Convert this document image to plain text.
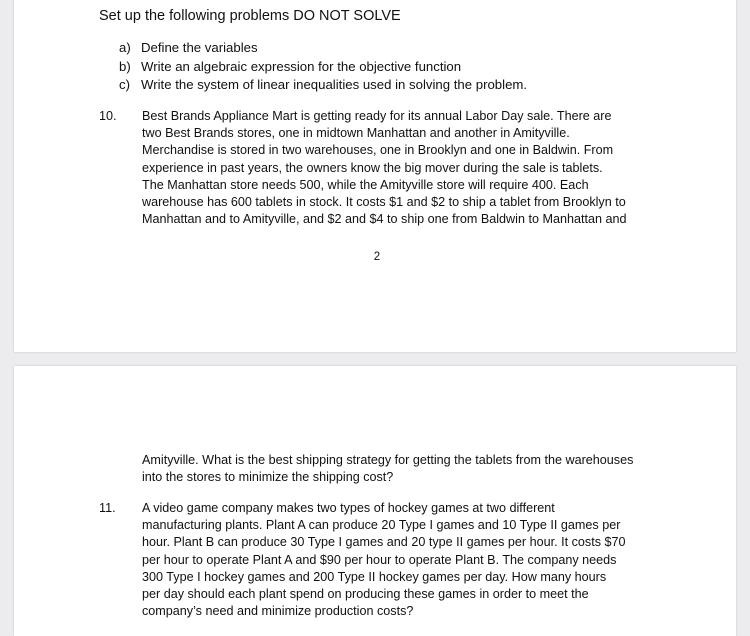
Set up the following problems DO NOT SOLVE
a) Define the variables
b) Write an algebraic expression for the objective function
c) Write the system of linear inequalities used in solving the problem.
10. Best Brands Appliance Mart is getting ready for its annual Labor Day sale. There are
two Best Brands stores, one in midtown Manhattan and another in Amityville.
Merchandise is stored in two warehouses, one in Brooklyn and one in Baldwin. From
experience in past years, the owners know the big mover during the sale is tablets.
The Manhattan store needs 500, while the Amityville store will require 400. Each
warehouse has 600 tablets in stock. It costs $1 and $2 to ship a tablet from Brooklyn to
Manhattan and to Amityville, and $2 and $4 to ship one from Baldwin to Manhattan and
2
Amityville. What is the best shipping strategy for getting the tablets from the warehouses
into the stores to minimize the shipping cost?
11. A video game company makes two types of hockey games at two different
manufacturing plants. Plant A can produce 20 Type I games and 10 Type II games per
hour. Plant B can produce 30 Type I games and 20 type II games per hour. It costs $70
per hour to operate Plant A and $90 per hour to operate Plant B. The company needs
300 Type I hockey games and 200 Type II hockey games per day. How many hours
per day should each plant spend on producing these games in order to meet the
company’s need and minimize production costs?
